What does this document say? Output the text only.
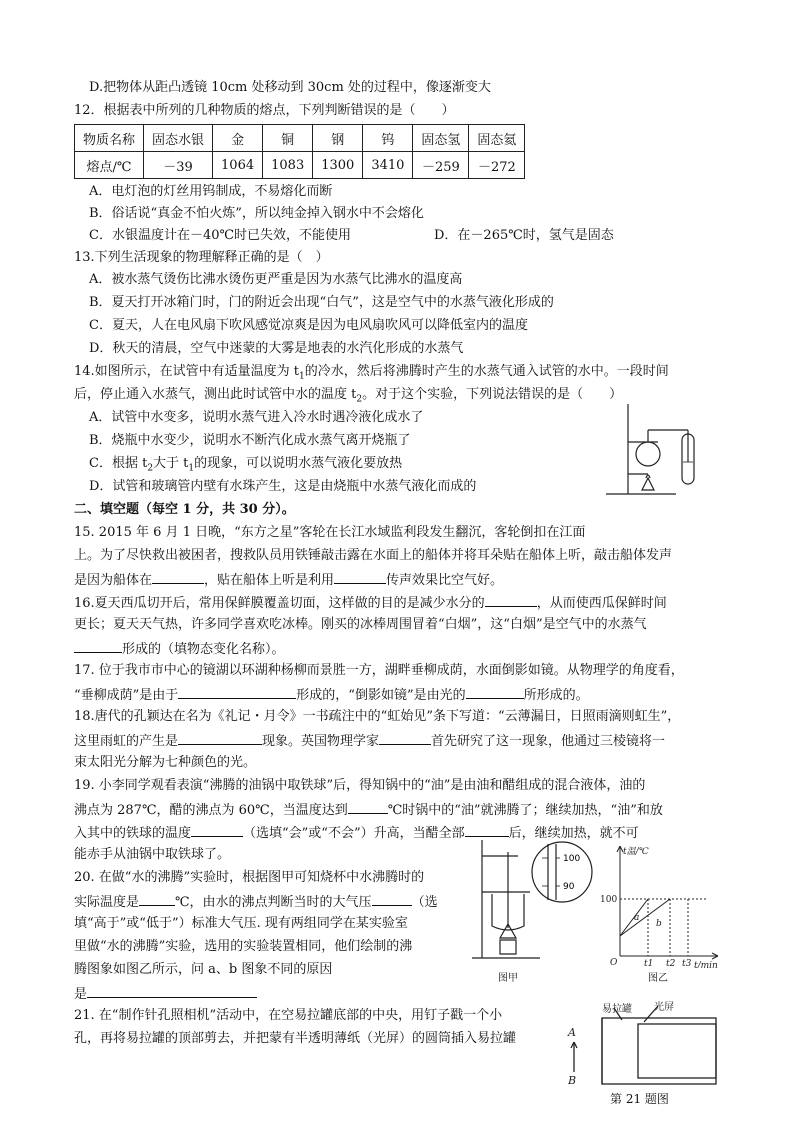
D.把物体从距凸透镜 10cm 处移动到 30cm 处的过程中，像逐渐变大
12．根据表中所列的几种物质的熔点，下列判断错误的是（　　）
物质名称	固态水银	金	铜	钢	钨	固态氢	固态氦
熔点/℃	－39	1064	1083	1300	3410	－259	－272
A．电灯泡的灯丝用钨制成，不易熔化而断
B．俗话说“真金不怕火炼”，所以纯金掉入钢水中不会熔化
C．水银温度计在－40℃时已失效，不能使用	D．在－265℃时，氢气是固态
13.下列生活现象的物理解释正确的是（　）
A．被水蒸气烫伤比沸水烫伤更严重是因为水蒸气比沸水的温度高
B．夏天打开冰箱门时，门的附近会出现“白气”，这是空气中的水蒸气液化形成的
C．夏天，人在电风扇下吹风感觉凉爽是因为电风扇吹风可以降低室内的温度
D．秋天的清晨，空气中迷蒙的大雾是地表的水汽化形成的水蒸气
14.如图所示，在试管中有适量温度为 $t_1$的冷水，然后将沸腾时产生的水蒸气通入试管的水中。一段时间
后，停止通入水蒸气，测出此时试管中水的温度 $t_2$。对于这个实验，下列说法错误的是（　　）
A．试管中水变多，说明水蒸气进入冷水时遇冷液化成水了
B．烧瓶中水变少，说明水不断汽化成水蒸气离开烧瓶了
C．根据 $t_2$大于 $t_1$的现象，可以说明水蒸气液化要放热
D．试管和玻璃管内壁有水珠产生，这是由烧瓶中水蒸气液化而成的
二、填空题（每空 1 分，共 30 分）。
15. 2015 年 6 月 1 日晚，“东方之星”客轮在长江水域监利段发生翻沉，客轮倒扣在江面
上。为了尽快救出被困者，搜救队员用铁锤敲击露在水面上的船体并将耳朵贴在船体上听，敲击船体发声
是因为船体在	，贴在船体上听是利用	传声效果比空气好。
16.夏天西瓜切开后，常用保鲜膜覆盖切面，这样做的目的是减少水分的	，从而使西瓜保鲜时间
更长；夏天天气热，许多同学喜欢吃冰棒。刚买的冰棒周围冒着“白烟”，这“白烟”是空气中的水蒸气
形成的（填物态变化名称）。
17. 位于我市市中心的镜湖以环湖种杨柳而景胜一方，湖畔垂柳成荫，水面倒影如镜。从物理学的角度看，
“垂柳成荫”是由于	形成的，“倒影如镜”是由光的	所形成的。
18.唐代的孔颖达在名为《礼记・月令》一书疏注中的“虹始见”条下写道：“云薄漏日，日照雨滴则虹生”，
这里雨虹的产生是	现象。英国物理学家	首先研究了这一现象，他通过三棱镜将一
束太阳光分解为七种颜色的光。
19. 小李同学观看表演“沸腾的油锅中取铁球”后，得知锅中的“油”是由油和醋组成的混合液体，油的
沸点为 287℃，醋的沸点为 60℃，当温度达到	℃时锅中的“油”就沸腾了；继续加热，“油”和放
入其中的铁球的温度	（选填“会”或“不会”）升高，当醋全部	后，继续加热，就不可
能赤手从油锅中取铁球了。
20. 在做“水的沸腾”实验时，根据图甲可知烧杯中水沸腾时的
实际温度是	℃，由水的沸点判断当时的大气压	（选
填“高于”或“低于”）标准大气压. 现有两组同学在某实验室
里做“水的沸腾”实验，选用的实验装置相同，他们绘制的沸
腾图象如图乙所示，问 a、b 图象不同的原因
是
100
90
图甲
t温/℃
100
O	t/min
a
b
t1 t2 t3
图乙
21. 在“制作针孔照相机”活动中，在空易拉罐底部的中央，用钉子戳一个小
孔，再将易拉罐的顶部剪去，并把蒙有半透明薄纸（光屏）的圆筒插入易拉罐
易拉罐 光屏
A
B
第 21 题图
